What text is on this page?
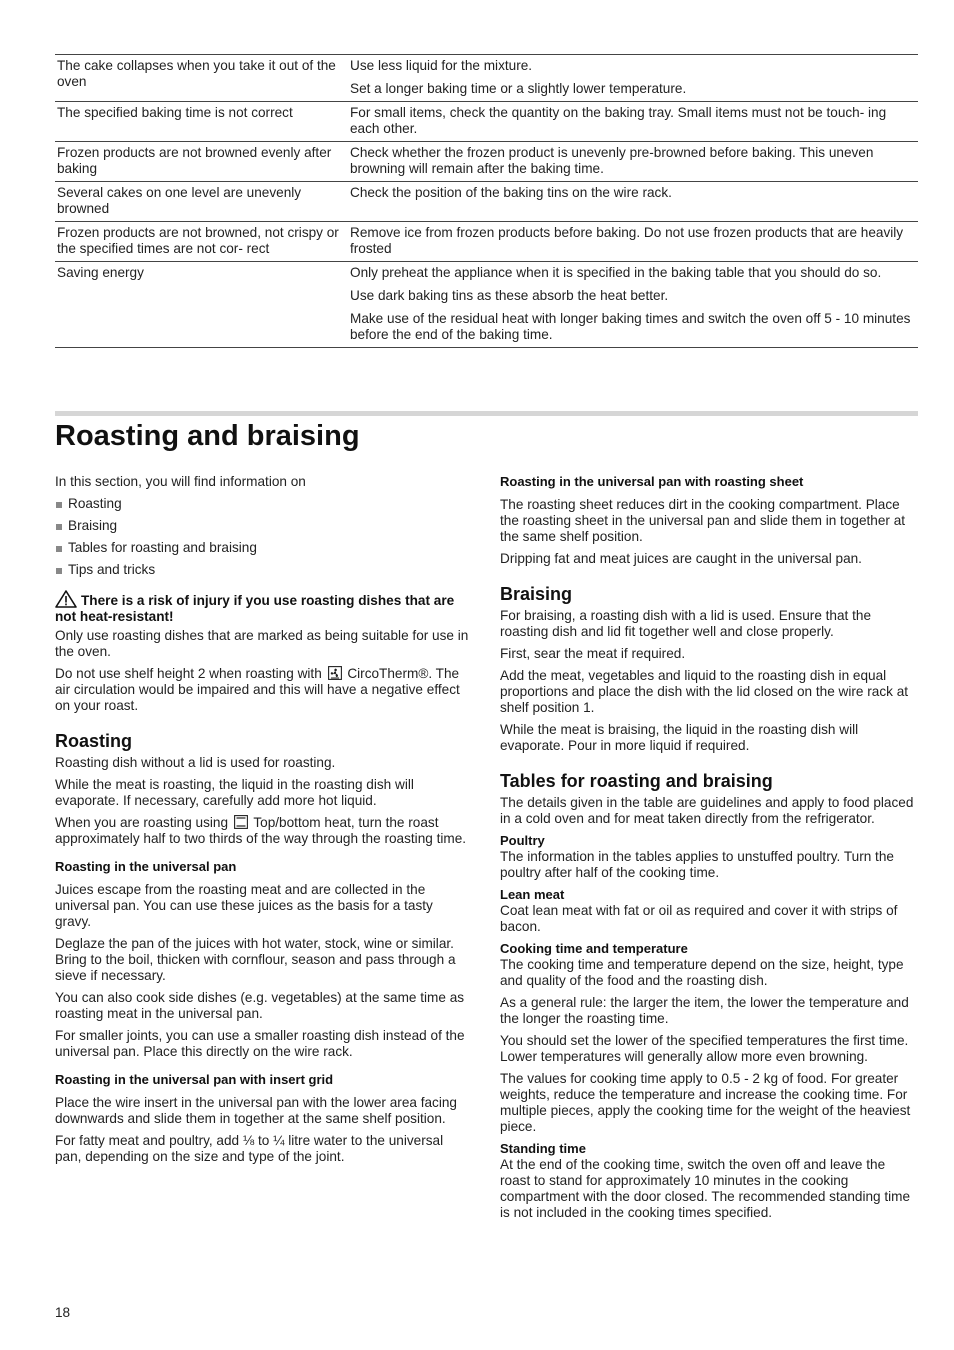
The cake collapses when you take it out of the oven	Use less liquid for the mixture.

Set a longer baking time or a slightly lower temperature.

The specified baking time is not correct	For small items, check the quantity on the baking tray. Small items must not be touch- ing each other.

Frozen products are not browned evenly after baking	Check whether the frozen product is unevenly pre-browned before baking. This uneven browning will remain after the baking time.

Several cakes on one level are unevenly browned	Check the position of the baking tins on the wire rack.

Frozen products are not browned, not crispy or the specified times are not cor- rect	Remove ice from frozen products before baking. Do not use frozen products that are heavily frosted

Saving energy	Only preheat the appliance when it is specified in the baking table that you should do so.

Use dark baking tins as these absorb the heat better.

Make use of the residual heat with longer baking times and switch the oven off 5 - 10 minutes before the end of the baking time.

Roasting and braising

In this section, you will find information on

Roasting
Braising
Tables for roasting and braising
Tips and tricks
There is a risk of injury if you use roasting dishes that are not heat-resistant!

Only use roasting dishes that are marked as being suitable for use in the oven.

Do not use shelf height 2 when roasting with CircoTherm®. The air circulation would be impaired and this will have a negative effect on your roast.

Roasting

Roasting dish without a lid is used for roasting.

While the meat is roasting, the liquid in the roasting dish will evaporate. If necessary, carefully add more hot liquid.

When you are roasting using Top/bottom heat, turn the roast approximately half to two thirds of the way through the roasting time.

Roasting in the universal pan

Juices escape from the roasting meat and are collected in the universal pan. You can use these juices as the basis for a tasty gravy.

Deglaze the pan of the juices with hot water, stock, wine or similar. Bring to the boil, thicken with cornflour, season and pass through a sieve if necessary.

You can also cook side dishes (e.g. vegetables) at the same time as roasting meat in the universal pan.

For smaller joints, you can use a smaller roasting dish instead of the universal pan. Place this directly on the wire rack.

Roasting in the universal pan with insert grid

Place the wire insert in the universal pan with the lower area facing downwards and slide them in together at the same shelf position.

For fatty meat and poultry, add ⅛ to ¼ litre water to the universal pan, depending on the size and type of the joint.

Roasting in the universal pan with roasting sheet

The roasting sheet reduces dirt in the cooking compartment. Place the roasting sheet in the universal pan and slide them in together at the same shelf position.

Dripping fat and meat juices are caught in the universal pan.

Braising

For braising, a roasting dish with a lid is used. Ensure that the roasting dish and lid fit together well and close properly.

First, sear the meat if required.

Add the meat, vegetables and liquid to the roasting dish in equal proportions and place the dish with the lid closed on the wire rack at shelf position 1.

While the meat is braising, the liquid in the roasting dish will evaporate. Pour in more liquid if required.

Tables for roasting and braising

The details given in the table are guidelines and apply to food placed in a cold oven and for meat taken directly from the refrigerator.

Poultry

The information in the tables applies to unstuffed poultry. Turn the poultry after half of the cooking time.

Lean meat

Coat lean meat with fat or oil as required and cover it with strips of bacon.

Cooking time and temperature

The cooking time and temperature depend on the size, height, type and quality of the food and the roasting dish.

As a general rule: the larger the item, the lower the temperature and the longer the roasting time.

You should set the lower of the specified temperatures the first time. Lower temperatures will generally allow more even browning.

The values for cooking time apply to 0.5 - 2 kg of food. For greater weights, reduce the temperature and increase the cooking time. For multiple pieces, apply the cooking time for the weight of the heaviest piece.

Standing time

At the end of the cooking time, switch the oven off and leave the roast to stand for approximately 10 minutes in the cooking compartment with the door closed. The recommended standing time is not included in the cooking times specified.

18
